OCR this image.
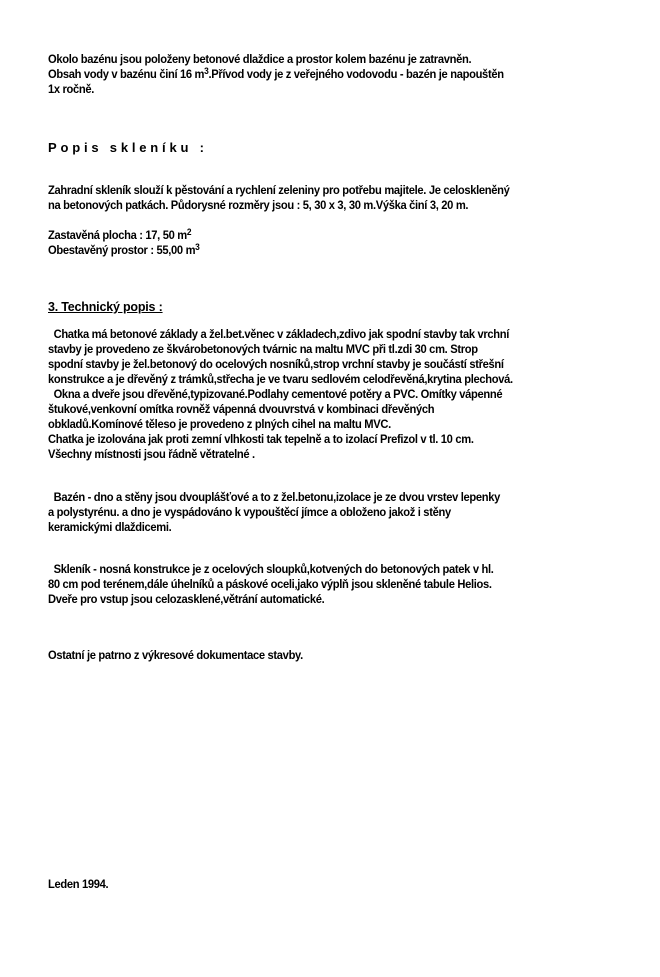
Okolo bazénu jsou položeny betonové dlaždice a prostor kolem bazénu je zatravněn.

Obsah vody v bazénu činí 16 $m^3.Přívod$ vody je z veřejného vodovodu - bazén je napouštěn

1x ročně.

Popis skleníku :

Zahradní skleník slouží k pěstování a rychlení zeleniny pro potřebu majitele. Je celoskleněný

na betonových patkách. Půdorysné rozměry jsou : 5, 30 x 3, 30 m.Výška činí 3, 20 m.

Zastavěná plocha : 17, 50 $m^2$

Obestavěný prostor : 55,00 $m^3$

3. Technický popis :

Chatka má betonové základy a žel.bet.věnec v základech,zdivo jak spodní stavby tak vrchní

stavby je provedeno ze škvárobetonových tvárnic na maltu MVC při tl.zdi 30 cm. Strop

spodní stavby je žel.betonový do ocelových nosníků,strop vrchní stavby je součástí střešní

konstrukce a je dřevěný z trámků,střecha je ve tvaru sedlovém celodřevěná,krytina plechová.

Okna a dveře jsou dřevěné,typizované.Podlahy cementové potěry a PVC. Omítky vápenné

štukové,venkovní omítka rovněž vápenná dvouvrstvá v kombinaci dřevěných

obkladů.Komínové těleso je provedeno z plných cihel na maltu MVC.

Chatka je izolována jak proti zemní vlhkosti tak tepelně a to izolací Prefizol v tl. 10 cm.

Všechny místnosti jsou řádně větratelné .

Bazén - dno a stěny jsou dvouplášťové a to z žel.betonu,izolace je ze dvou vrstev lepenky

a polystyrénu. a dno je vyspádováno k vypouštěcí jímce a obloženo jakož i stěny

keramickými dlaždicemi.

Skleník - nosná konstrukce je z ocelových sloupků,kotvených do betonových patek v hl.

80 cm pod terénem,dále úhelníků a páskové oceli,jako výplň jsou skleněné tabule Helios.

Dveře pro vstup jsou celozasklené,větrání automatické.

Ostatní je patrno z výkresové dokumentace stavby.

Leden 1994.
